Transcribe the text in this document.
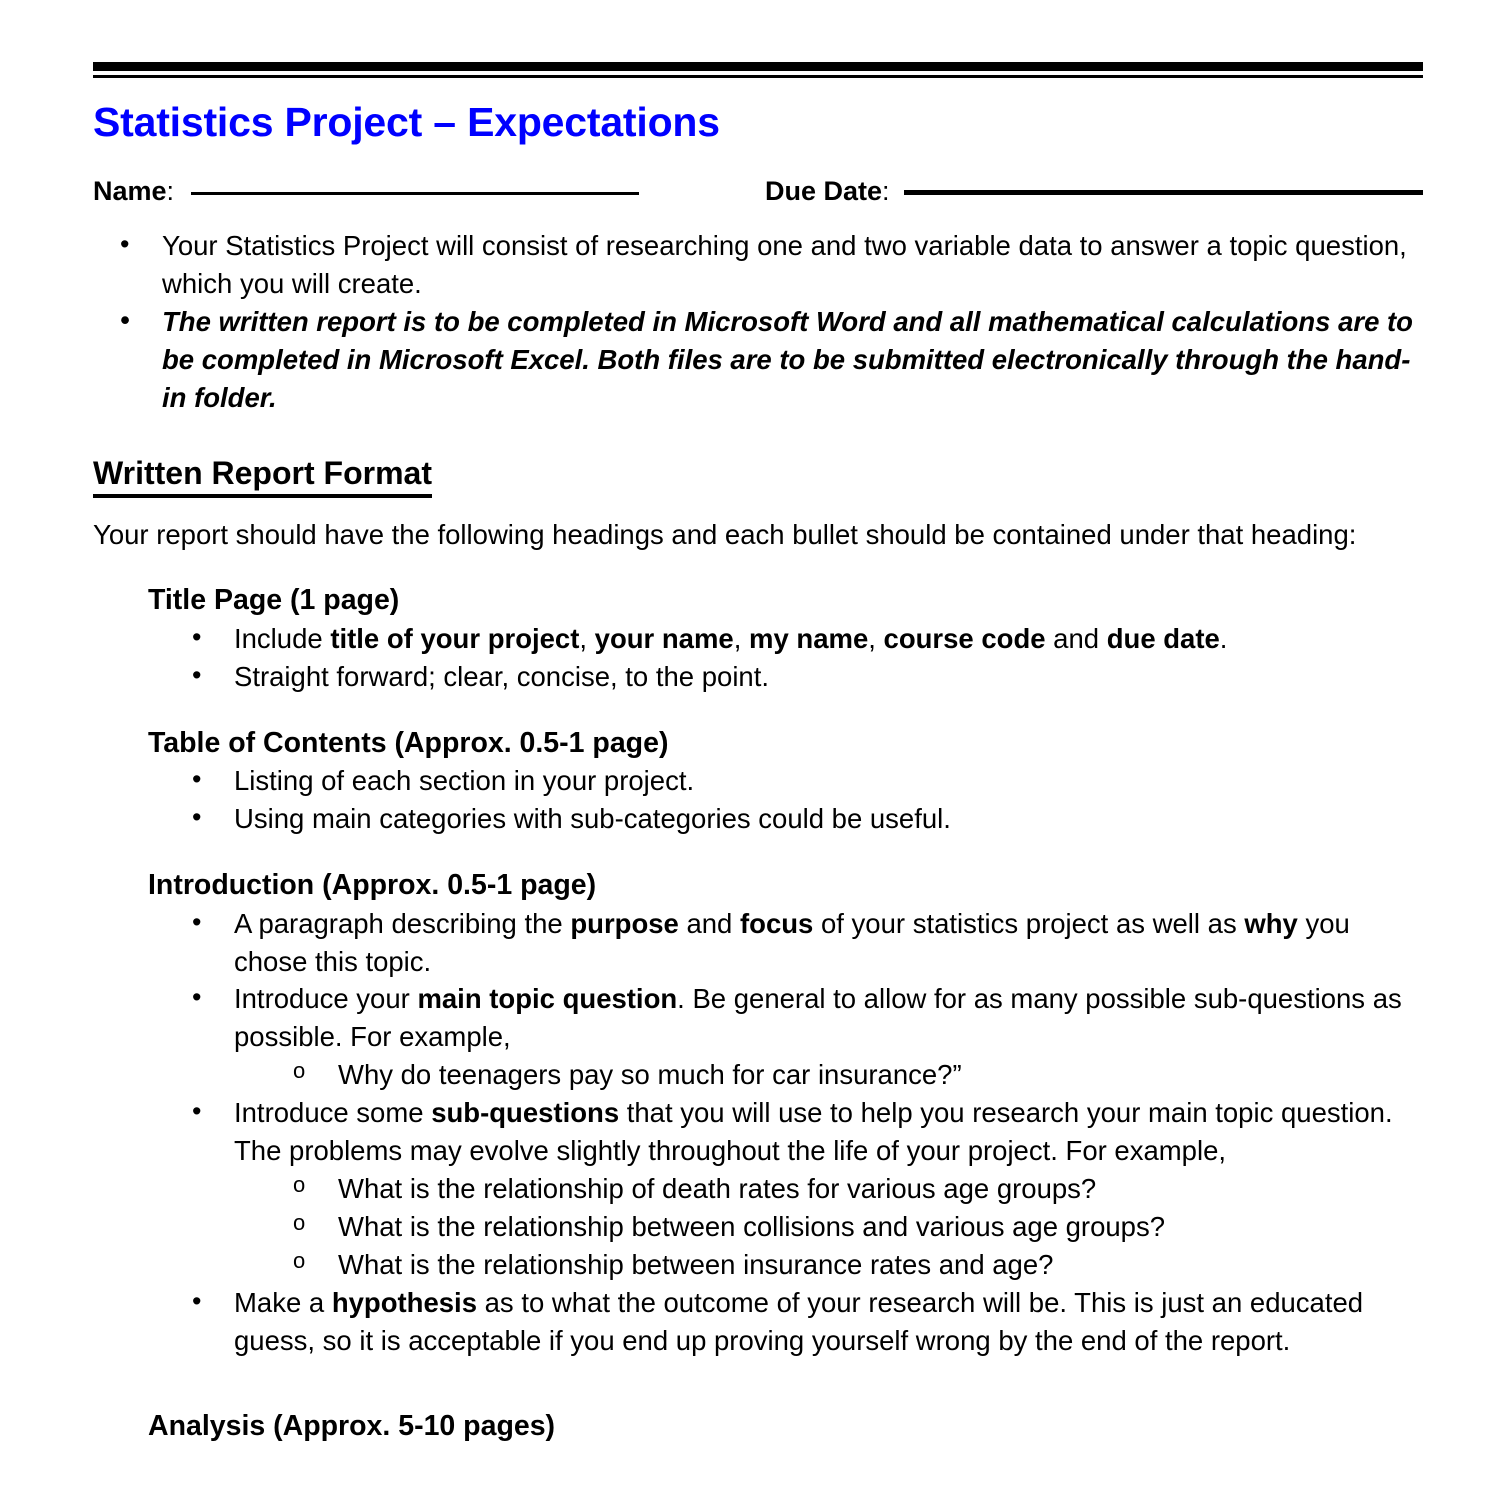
Statistics Project – Expectations
Name:	Due Date:
• Your Statistics Project will consist of researching one and two variable data to answer a topic question, which you will create.
• The written report is to be completed in Microsoft Word and all mathematical calculations are to be completed in Microsoft Excel. Both files are to be submitted electronically through the hand-in folder.
Written Report Format
Your report should have the following headings and each bullet should be contained under that heading:
Title Page (1 page)
• Include title of your project, your name, my name, course code and due date.
• Straight forward; clear, concise, to the point.
Table of Contents (Approx. 0.5-1 page)
• Listing of each section in your project.
• Using main categories with sub-categories could be useful.
Introduction (Approx. 0.5-1 page)
• A paragraph describing the purpose and focus of your statistics project as well as why you chose this topic.
• Introduce your main topic question. Be general to allow for as many possible sub-questions as possible. For example,
o Why do teenagers pay so much for car insurance?”
• Introduce some sub-questions that you will use to help you research your main topic question. The problems may evolve slightly throughout the life of your project. For example,
o What is the relationship of death rates for various age groups?
o What is the relationship between collisions and various age groups?
o What is the relationship between insurance rates and age?
• Make a hypothesis as to what the outcome of your research will be. This is just an educated guess, so it is acceptable if you end up proving yourself wrong by the end of the report.
Analysis (Approx. 5-10 pages)
